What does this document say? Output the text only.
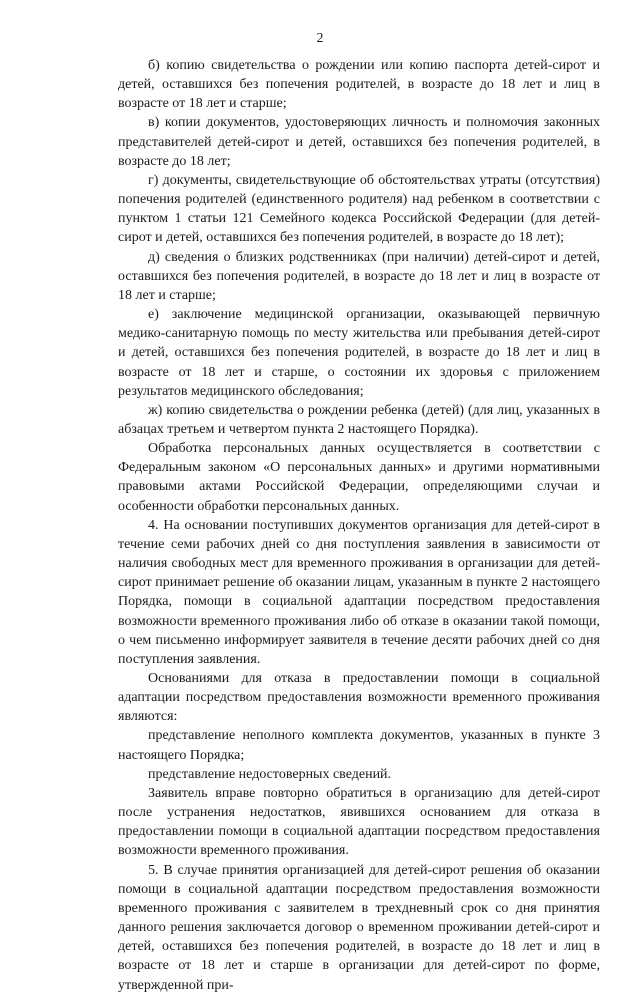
2

б) копию свидетельства о рождении или копию паспорта детей-сирот и детей, оставшихся без попечения родителей, в возрасте до 18 лет и лиц в возрасте от 18 лет и старше;

в) копии документов, удостоверяющих личность и полномочия законных представителей детей-сирот и детей, оставшихся без попечения родителей, в возрасте до 18 лет;

г) документы, свидетельствующие об обстоятельствах утраты (отсутствия) попечения родителей (единственного родителя) над ребенком в соответствии с пунктом 1 статьи 121 Семейного кодекса Российской Федерации (для детей-сирот и детей, оставшихся без попечения родителей, в возрасте до 18 лет);

д) сведения о близких родственниках (при наличии) детей-сирот и детей, оставшихся без попечения родителей, в возрасте до 18 лет и лиц в возрасте от 18 лет и старше;

е) заключение медицинской организации, оказывающей первичную медико-санитарную помощь по месту жительства или пребывания детей-сирот и детей, оставшихся без попечения родителей, в возрасте до 18 лет и лиц в возрасте от 18 лет и старше, о состоянии их здоровья с приложением результатов медицинского обследования;

ж) копию свидетельства о рождении ребенка (детей) (для лиц, указанных в абзацах третьем и четвертом пункта 2 настоящего Порядка).

Обработка персональных данных осуществляется в соответствии с Федеральным законом «О персональных данных» и другими нормативными правовыми актами Российской Федерации, определяющими случаи и особенности обработки персональных данных.

4. На основании поступивших документов организация для детей-сирот в течение семи рабочих дней со дня поступления заявления в зависимости от наличия свободных мест для временного проживания в организации для детей-сирот принимает решение об оказании лицам, указанным в пункте 2 настоящего Порядка, помощи в социальной адаптации посредством предоставления возможности временного проживания либо об отказе в оказании такой помощи, о чем письменно информирует заявителя в течение десяти рабочих дней со дня поступления заявления.

Основаниями для отказа в предоставлении помощи в социальной адаптации посредством предоставления возможности временного проживания являются:

представление неполного комплекта документов, указанных в пункте 3 настоящего Порядка;

представление недостоверных сведений.

Заявитель вправе повторно обратиться в организацию для детей-сирот после устранения недостатков, явившихся основанием для отказа в предоставлении помощи в социальной адаптации посредством предоставления возможности временного проживания.

5. В случае принятия организацией для детей-сирот решения об оказании помощи в социальной адаптации посредством предоставления возможности временного проживания с заявителем в трехдневный срок со дня принятия данного решения заключается договор о временном проживании детей-сирот и детей, оставшихся без попечения родителей, в возрасте до 18 лет и лиц в возрасте от 18 лет и старше в организации для детей-сирот по форме, утвержденной при-
